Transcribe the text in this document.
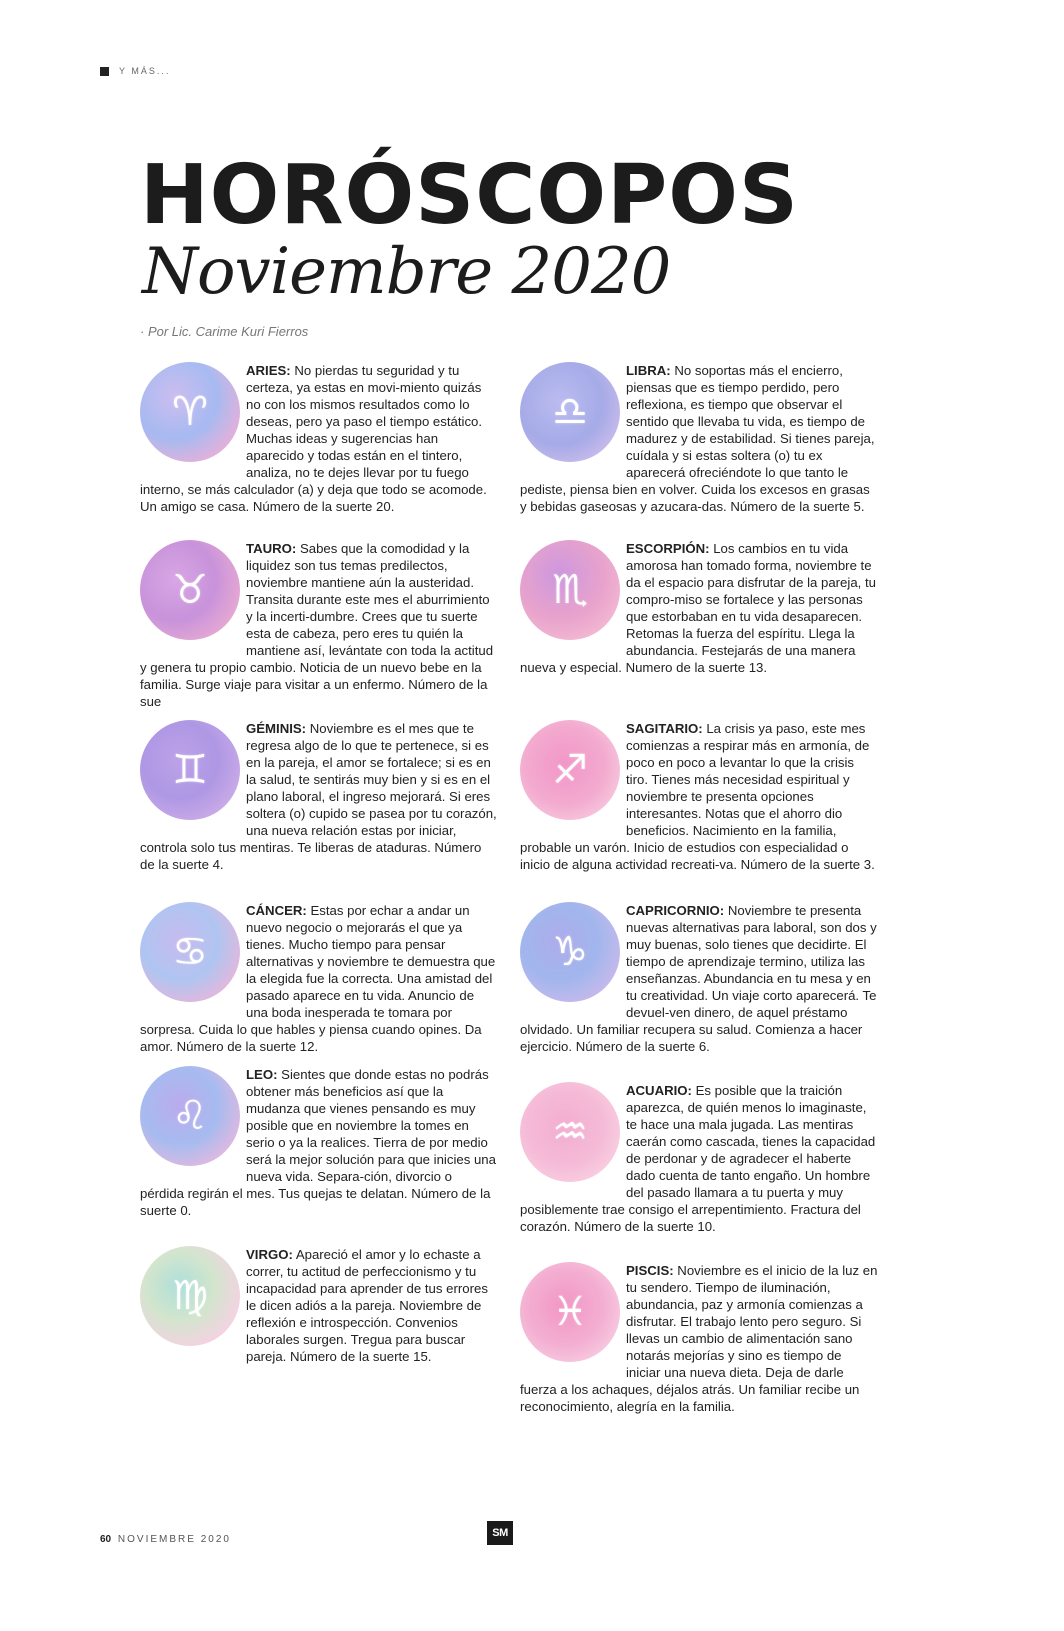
Y MÁS...
HORÓSCOPOS
Noviembre 2020
· Por Lic. Carime Kuri Fierros
♈

ARIES: No pierdas tu seguridad y tu certeza, ya estas en movi-miento quizás no con los mismos resultados como lo deseas, pero ya paso el tiempo estático. Muchas ideas y sugerencias han aparecido y todas están en el tintero, analiza, no te dejes llevar por tu fuego interno, se más calculador (a) y deja que todo se acomode. Un amigo se casa. Número de la suerte 20.

♉

TAURO: Sabes que la comodidad y la liquidez son tus temas predilectos, noviembre mantiene aún la austeridad. Transita durante este mes el aburrimiento y la incerti-dumbre. Crees que tu suerte esta de cabeza, pero eres tu quién la mantiene así, levántate con toda la actitud y genera tu propio cambio. Noticia de un nuevo bebe en la familia. Surge viaje para visitar a un enfermo. Número de la sue

♊

GÉMINIS: Noviembre es el mes que te regresa algo de lo que te pertenece, si es en la pareja, el amor se fortalece; si es en la salud, te sentirás muy bien y si es en el plano laboral, el ingreso mejorará. Si eres soltera (o) cupido se pasea por tu corazón, una nueva relación estas por iniciar, controla solo tus mentiras. Te liberas de ataduras. Número de la suerte 4.

♋

CÁNCER: Estas por echar a andar un nuevo negocio o mejorarás el que ya tienes. Mucho tiempo para pensar alternativas y noviembre te demuestra que la elegida fue la correcta. Una amistad del pasado aparece en tu vida. Anuncio de una boda inesperada te tomara por sorpresa. Cuida lo que hables y piensa cuando opines. Da amor. Número de la suerte 12.

♌

LEO: Sientes que donde estas no podrás obtener más beneficios así que la mudanza que vienes pensando es muy posible que en noviembre la tomes en serio o ya la realices. Tierra de por medio será la mejor solución para que inicies una nueva vida. Separa-ción, divorcio o pérdida regirán el mes. Tus quejas te delatan. Número de la suerte 0.

♍

VIRGO: Apareció el amor y lo echaste a correr, tu actitud de perfeccionismo y tu incapacidad para aprender de tus errores le dicen adiós a la pareja. Noviembre de reflexión e introspección. Convenios laborales surgen. Tregua para buscar pareja. Número de la suerte 15.

♎

LIBRA: No soportas más el encierro, piensas que es tiempo perdido, pero reflexiona, es tiempo que observar el sentido que llevaba tu vida, es tiempo de madurez y de estabilidad. Si tienes pareja, cuídala y si estas soltera (o) tu ex aparecerá ofreciéndote lo que tanto le pediste, piensa bien en volver. Cuida los excesos en grasas y bebidas gaseosas y azucara-das. Número de la suerte 5.

♏

ESCORPIÓN: Los cambios en tu vida amorosa han tomado forma, noviembre te da el espacio para disfrutar de la pareja, tu compro-miso se fortalece y las personas que estorbaban en tu vida desaparecen. Retomas la fuerza del espíritu. Llega la abundancia. Festejarás de una manera nueva y especial. Numero de la suerte 13.

♐

SAGITARIO: La crisis ya paso, este mes comienzas a respirar más en armonía, de poco en poco a levantar lo que la crisis tiro. Tienes más necesidad espiritual y noviembre te presenta opciones interesantes. Notas que el ahorro dio beneficios. Nacimiento en la familia, probable un varón. Inicio de estudios con especialidad o inicio de alguna actividad recreati-va. Número de la suerte 3.

♑

CAPRICORNIO: Noviembre te presenta nuevas alternativas para laboral, son dos y muy buenas, solo tienes que decidirte. El tiempo de aprendizaje termino, utiliza las enseñanzas. Abundancia en tu mesa y en tu creatividad. Un viaje corto aparecerá. Te devuel-ven dinero, de aquel préstamo olvidado. Un familiar recupera su salud. Comienza a hacer ejercicio. Número de la suerte 6.

♒

ACUARIO: Es posible que la traición aparezca, de quién menos lo imaginaste, te hace una mala jugada. Las mentiras caerán como cascada, tienes la capacidad de perdonar y de agradecer el haberte dado cuenta de tanto engaño. Un hombre del pasado llamara a tu puerta y muy posiblemente trae consigo el arrepentimiento. Fractura del corazón. Número de la suerte 10.

♓

PISCIS: Noviembre es el inicio de la luz en tu sendero. Tiempo de iluminación, abundancia, paz y armonía comienzas a disfrutar. El trabajo lento pero seguro. Si llevas un cambio de alimentación sano notarás mejorías y sino es tiempo de iniciar una nueva dieta. Deja de darle fuerza a los achaques, déjalos atrás. Un familiar recibe un reconocimiento, alegría en la familia.

60 NOVIEMBRE 2020
SM
